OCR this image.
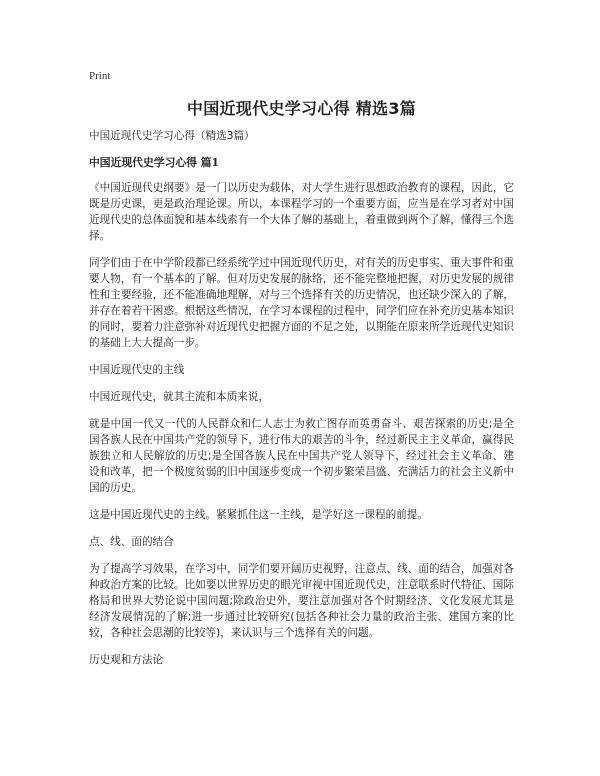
Print
中国近现代史学习心得 精选3篇
中国近现代史学习心得（精选3篇）
中国近现代史学习心得 篇1

《中国近现代史纲要》是一门以历史为载体，对大学生进行思想政治教育的课程，因此，它既是历史课，更是政治理论课。所以，本课程学习的一个重要方面，应当是在学习者对中国近现代史的总体面貌和基本线索有一个大体了解的基础上，着重做到两个了解，懂得三个选择。

同学们由于在中学阶段都已经系统学过中国近现代历史，对有关的历史事实、重大事件和重要人物，有一个基本的了解。但对历史发展的脉络，还不能完整地把握，对历史发展的规律性和主要经验，还不能准确地理解，对与三个选择有关的历史情况，也还缺少深入的了解，并存在着若干困惑。根据这些情况，在学习本课程的过程中，同学们应在补充历史基本知识的同时，要着力注意弥补对近现代史把握方面的不足之处，以期能在原来所学近现代史知识的基础上大大提高一步。

中国近现代史的主线

中国近现代史，就其主流和本质来说，

就是中国一代又一代的人民群众和仁人志士为救亡图存而英勇奋斗、艰苦探索的历史;是全国各族人民在中国共产党的领导下，进行伟大的艰苦的斗争，经过新民主主义革命，赢得民族独立和人民解放的历史;是全国各族人民在中国共产党人领导下，经过社会主义革命、建设和改革，把一个极度贫弱的旧中国逐步变成一个初步繁荣昌盛、充满活力的社会主义新中国的历史。

这是中国近现代史的主线。紧紧抓住这一主线，是学好这一课程的前提。

点、线、面的结合

为了提高学习效果，在学习中，同学们要开阔历史视野，注意点、线、面的结合，加强对各种政治方案的比较。比如要以世界历史的眼光审视中国近现代史，注意联系时代特征、国际格局和世界大势论说中国问题;除政治史外，要注意加强对各个时期经济、文化发展尤其是经济发展情况的了解;进一步通过比较研究(包括各种社会力量的政治主张、建国方案的比较，各种社会思潮的比较等)，来认识与三个选择有关的问题。

历史观和方法论
